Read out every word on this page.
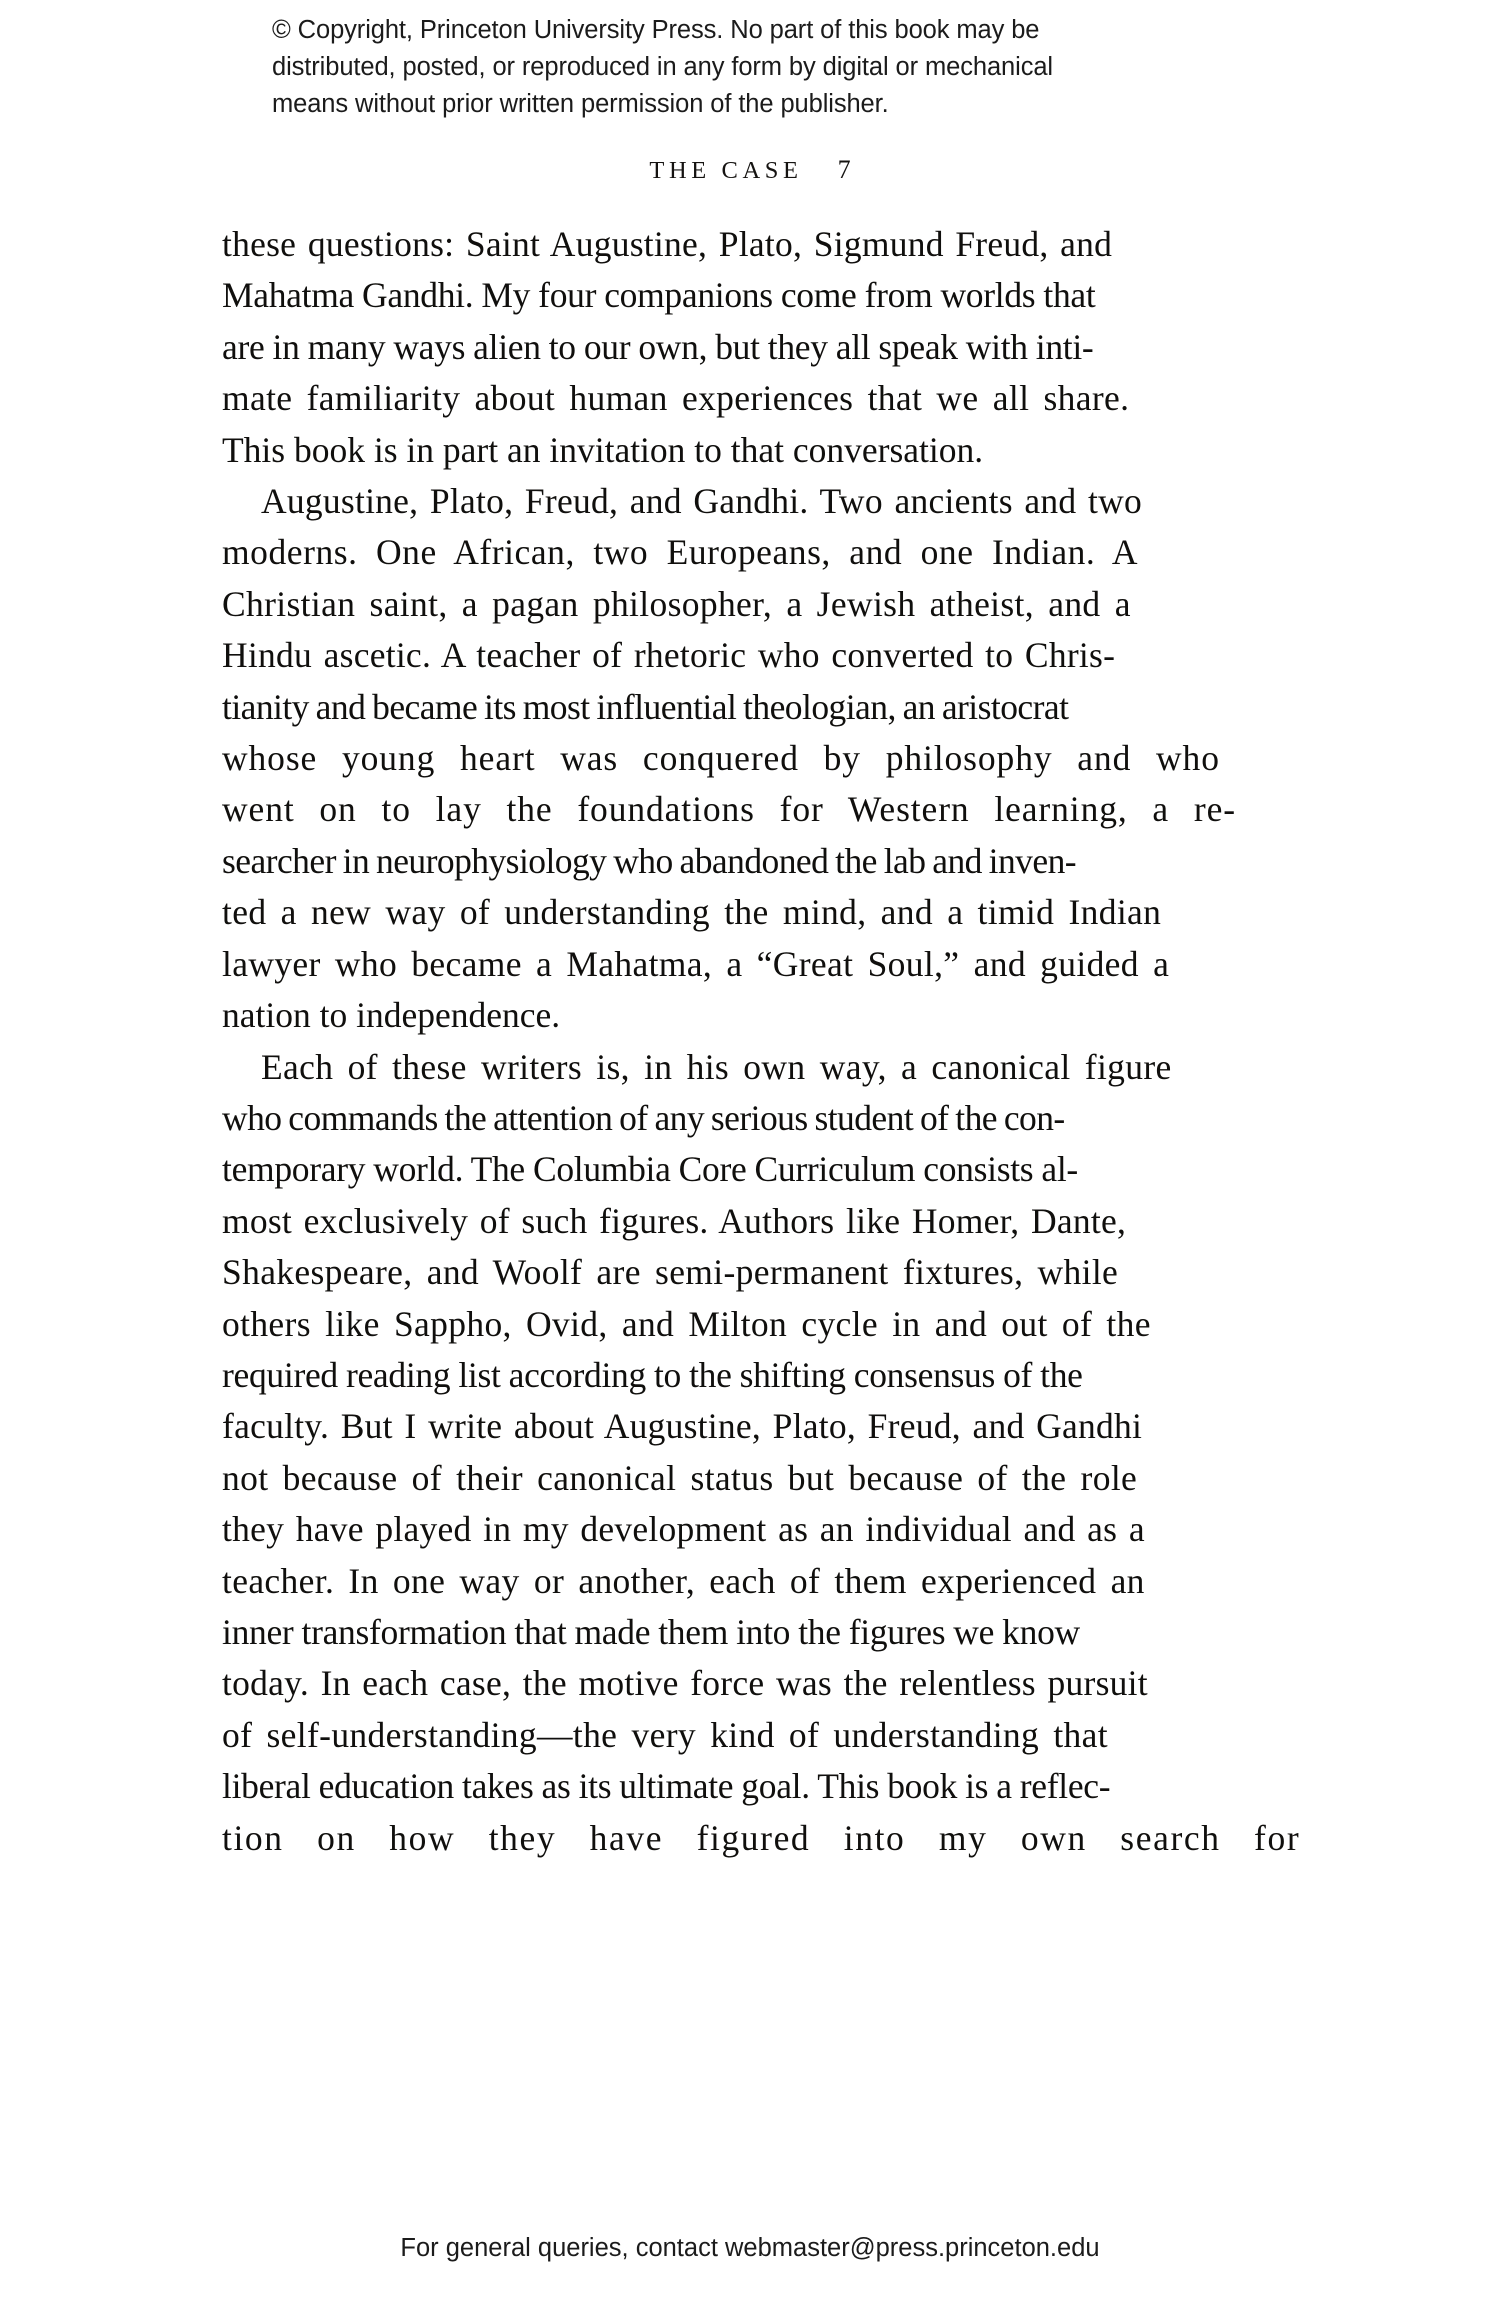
© Copyright, Princeton University Press. No part of this book may be
distributed, posted, or reproduced in any form by digital or mechanical
means without prior written permission of the publisher.
THE CASE 7

these questions: Saint Augustine, Plato, Sigmund Freud, and
Mahatma Gandhi. My four companions come from worlds that
are in many ways alien to our own, but they all speak with inti-
mate familiarity about human experiences that we all share.
This book is in part an invitation to that conversation.

Augustine, Plato, Freud, and Gandhi. Two ancients and two
moderns. One African, two Europeans, and one Indian. A
Christian saint, a pagan philosopher, a Jewish atheist, and a
Hindu ascetic. A teacher of rhetoric who converted to Chris-
tianity and became its most influential theologian, an aristocrat
whose young heart was conquered by philosophy and who
went on to lay the foundations for Western learning, a re-
searcher in neurophysiology who abandoned the lab and inven-
ted a new way of understanding the mind, and a timid Indian
lawyer who became a Mahatma, a “Great Soul,” and guided a
nation to independence.

Each of these writers is, in his own way, a canonical figure
who commands the attention of any serious student of the con-
temporary world. The Columbia Core Curriculum consists al-
most exclusively of such figures. Authors like Homer, Dante,
Shakespeare, and Woolf are semi-permanent fixtures, while
others like Sappho, Ovid, and Milton cycle in and out of the
required reading list according to the shifting consensus of the
faculty. But I write about Augustine, Plato, Freud, and Gandhi
not because of their canonical status but because of the role
they have played in my development as an individual and as a
teacher. In one way or another, each of them experienced an
inner transformation that made them into the figures we know
today. In each case, the motive force was the relentless pursuit
of self-understanding—the very kind of understanding that
liberal education takes as its ultimate goal. This book is a reflec-
tion on how they have figured into my own search for

For general queries, contact webmaster@press.princeton.edu
